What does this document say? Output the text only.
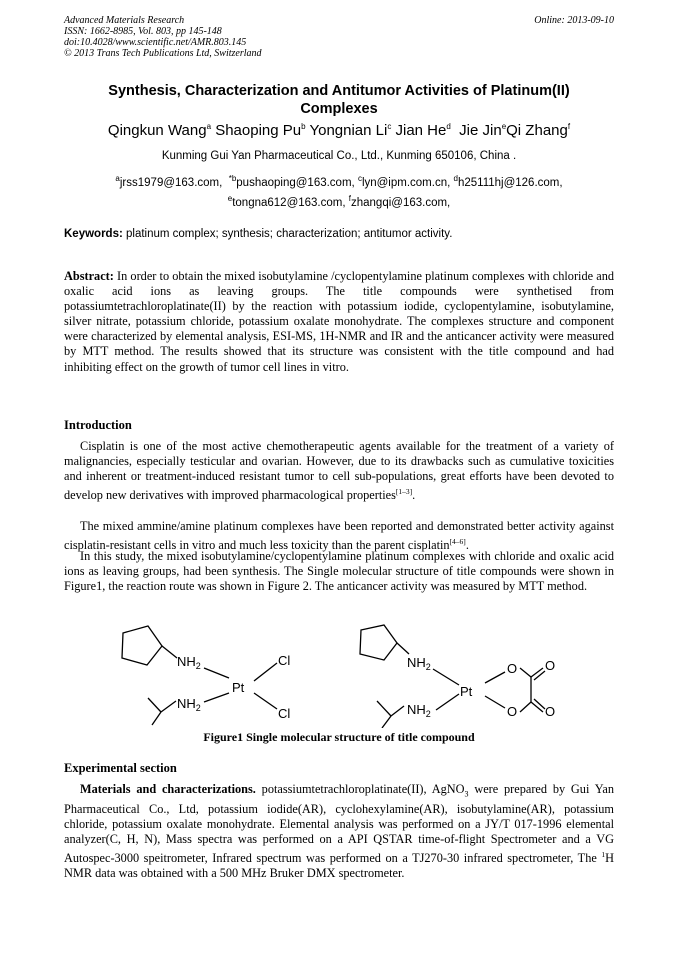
Advanced Materials Research
ISSN: 1662-8985, Vol. 803, pp 145-148
doi:10.4028/www.scientific.net/AMR.803.145
© 2013 Trans Tech Publications Ltd, Switzerland
Online: 2013-09-10
Synthesis, Characterization and Antitumor Activities of Platinum(II)
Complexes
Qingkun Wang$^a$ Shaoping Pu$^b$ Yongnian Li$^c$ Jian He$^d$ Jie Jin$^e$Qi Zhang$^f$
Kunming Gui Yan Pharmaceutical Co., Ltd., Kunming 650106, China .
$^a$jrss1979@163.com, $^{*b}$pushaoping@163.com, $^c$lyn@ipm.com.cn, $^d$h25111hj@126.com,
$^e$tongna612@163.com, $^f$zhangqi@163.com,
Keywords: platinum complex; synthesis; characterization; antitumor activity.

Abstract: In order to obtain the mixed isobutylamine /cyclopentylamine platinum complexes with chloride and oxalic acid ions as leaving groups. The title compounds were synthetised from potassiumtetrachloroplatinate(II) by the reaction with potassium iodide, cyclopentylamine, isobutylamine, silver nitrate, potassium chloride, potassium oxalate monohydrate. The complexes structure and component were characterized by elemental analysis, ESI-MS, 1H-NMR and IR and the anticancer activity were measured by MTT method. The results showed that its structure was consistent with the title compound and had inhibiting effect on the growth of tumor cell lines in vitro.

Introduction

Cisplatin is one of the most active chemotherapeutic agents available for the treatment of a variety of malignancies, especially testicular and ovarian. However, due to its drawbacks such as cumulative toxicities and inherent or treatment-induced resistant tumor to cell sub-populations, great efforts have been devoted to develop new derivatives with improved pharmacological properties[1–3].

The mixed ammine/amine platinum complexes have been reported and demonstrated better activity against cisplatin-resistant cells in vitro and much less toxicity than the parent cisplatin[4–6].

In this study, the mixed isobutylamine/cyclopentylamine platinum complexes with chloride and oxalic acid ions as leaving groups, had been synthesis. The Single molecular structure of title compounds were shown in Figure1, the reaction route was shown in Figure 2. The anticancer activity was measured by MTT method.

$NH_2$
Pt
Cl
Cl
$NH_2$
$NH_2$
Pt
$NH_2$
O
O
O
O
Figure1 Single molecular structure of title compound
Experimental section

Materials and characterizations. potassiumtetrachloroplatinate(II), AgNO$_3$ were prepared by Gui Yan Pharmaceutical Co., Ltd, potassium iodide(AR), cyclohexylamine(AR), isobutylamine(AR), potassium chloride, potassium oxalate monohydrate. Elemental analysis was performed on a JY/T 017-1996 elemental analyzer(C, H, N), Mass spectra was performed on a API QSTAR time-of-flight Spectrometer and a VG Autospec-3000 speitrometer, Infrared spectrum was performed on a TJ270-30 infrared spectrometer, The $^1$H NMR data was obtained with a 500 MHz Bruker DMX spectrometer.
